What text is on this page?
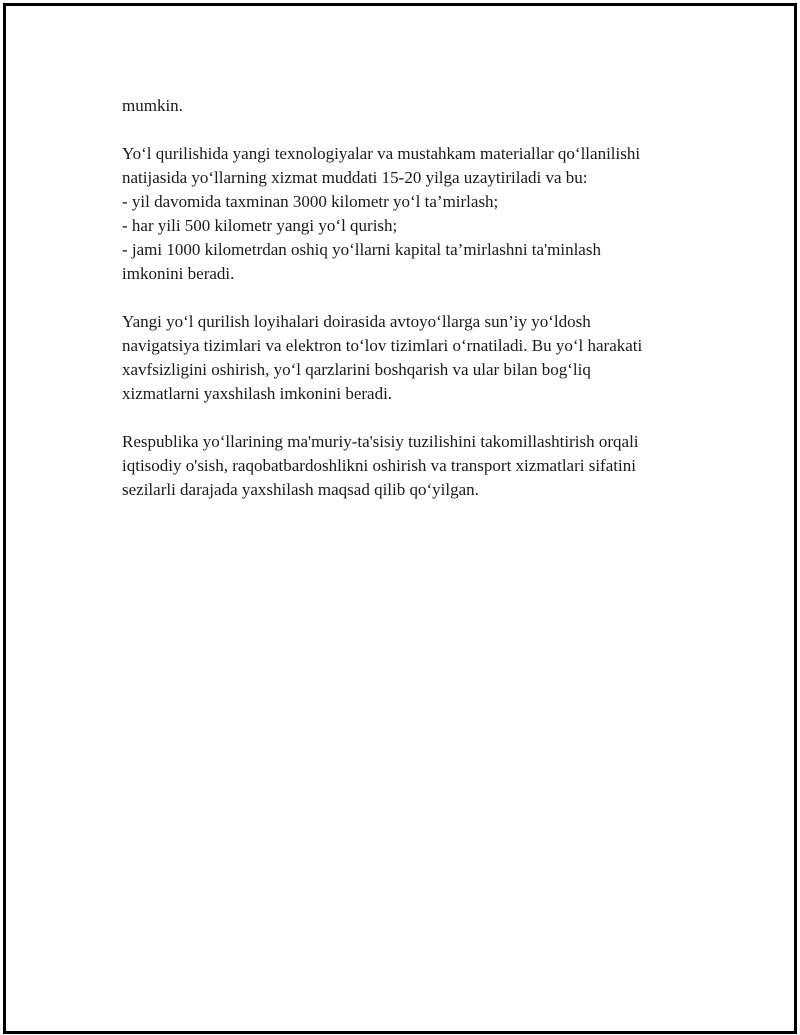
mumkin.
Yo‘l qurilishida yangi texnologiyalar va mustahkam materiallar qo‘llanilishi
natijasida yo‘llarning xizmat muddati 15-20 yilga uzaytiriladi va bu:
- yil davomida taxminan 3000 kilometr yo‘l ta’mirlash;
- har yili 500 kilometr yangi yo‘l qurish;
- jami 1000 kilometrdan oshiq yo‘llarni kapital ta’mirlashni ta'minlash
imkonini beradi.
Yangi yo‘l qurilish loyihalari doirasida avtoyo‘llarga sun’iy yo‘ldosh
navigatsiya tizimlari va elektron to‘lov tizimlari o‘rnatiladi. Bu yo‘l harakati
xavfsizligini oshirish, yo‘l qarzlarini boshqarish va ular bilan bog‘liq
xizmatlarni yaxshilash imkonini beradi.
Respublika yo‘llarining ma'muriy-ta'sisiy tuzilishini takomillashtirish orqali
iqtisodiy o'sish, raqobatbardoshlikni oshirish va transport xizmatlari sifatini
sezilarli darajada yaxshilash maqsad qilib qo‘yilgan.
